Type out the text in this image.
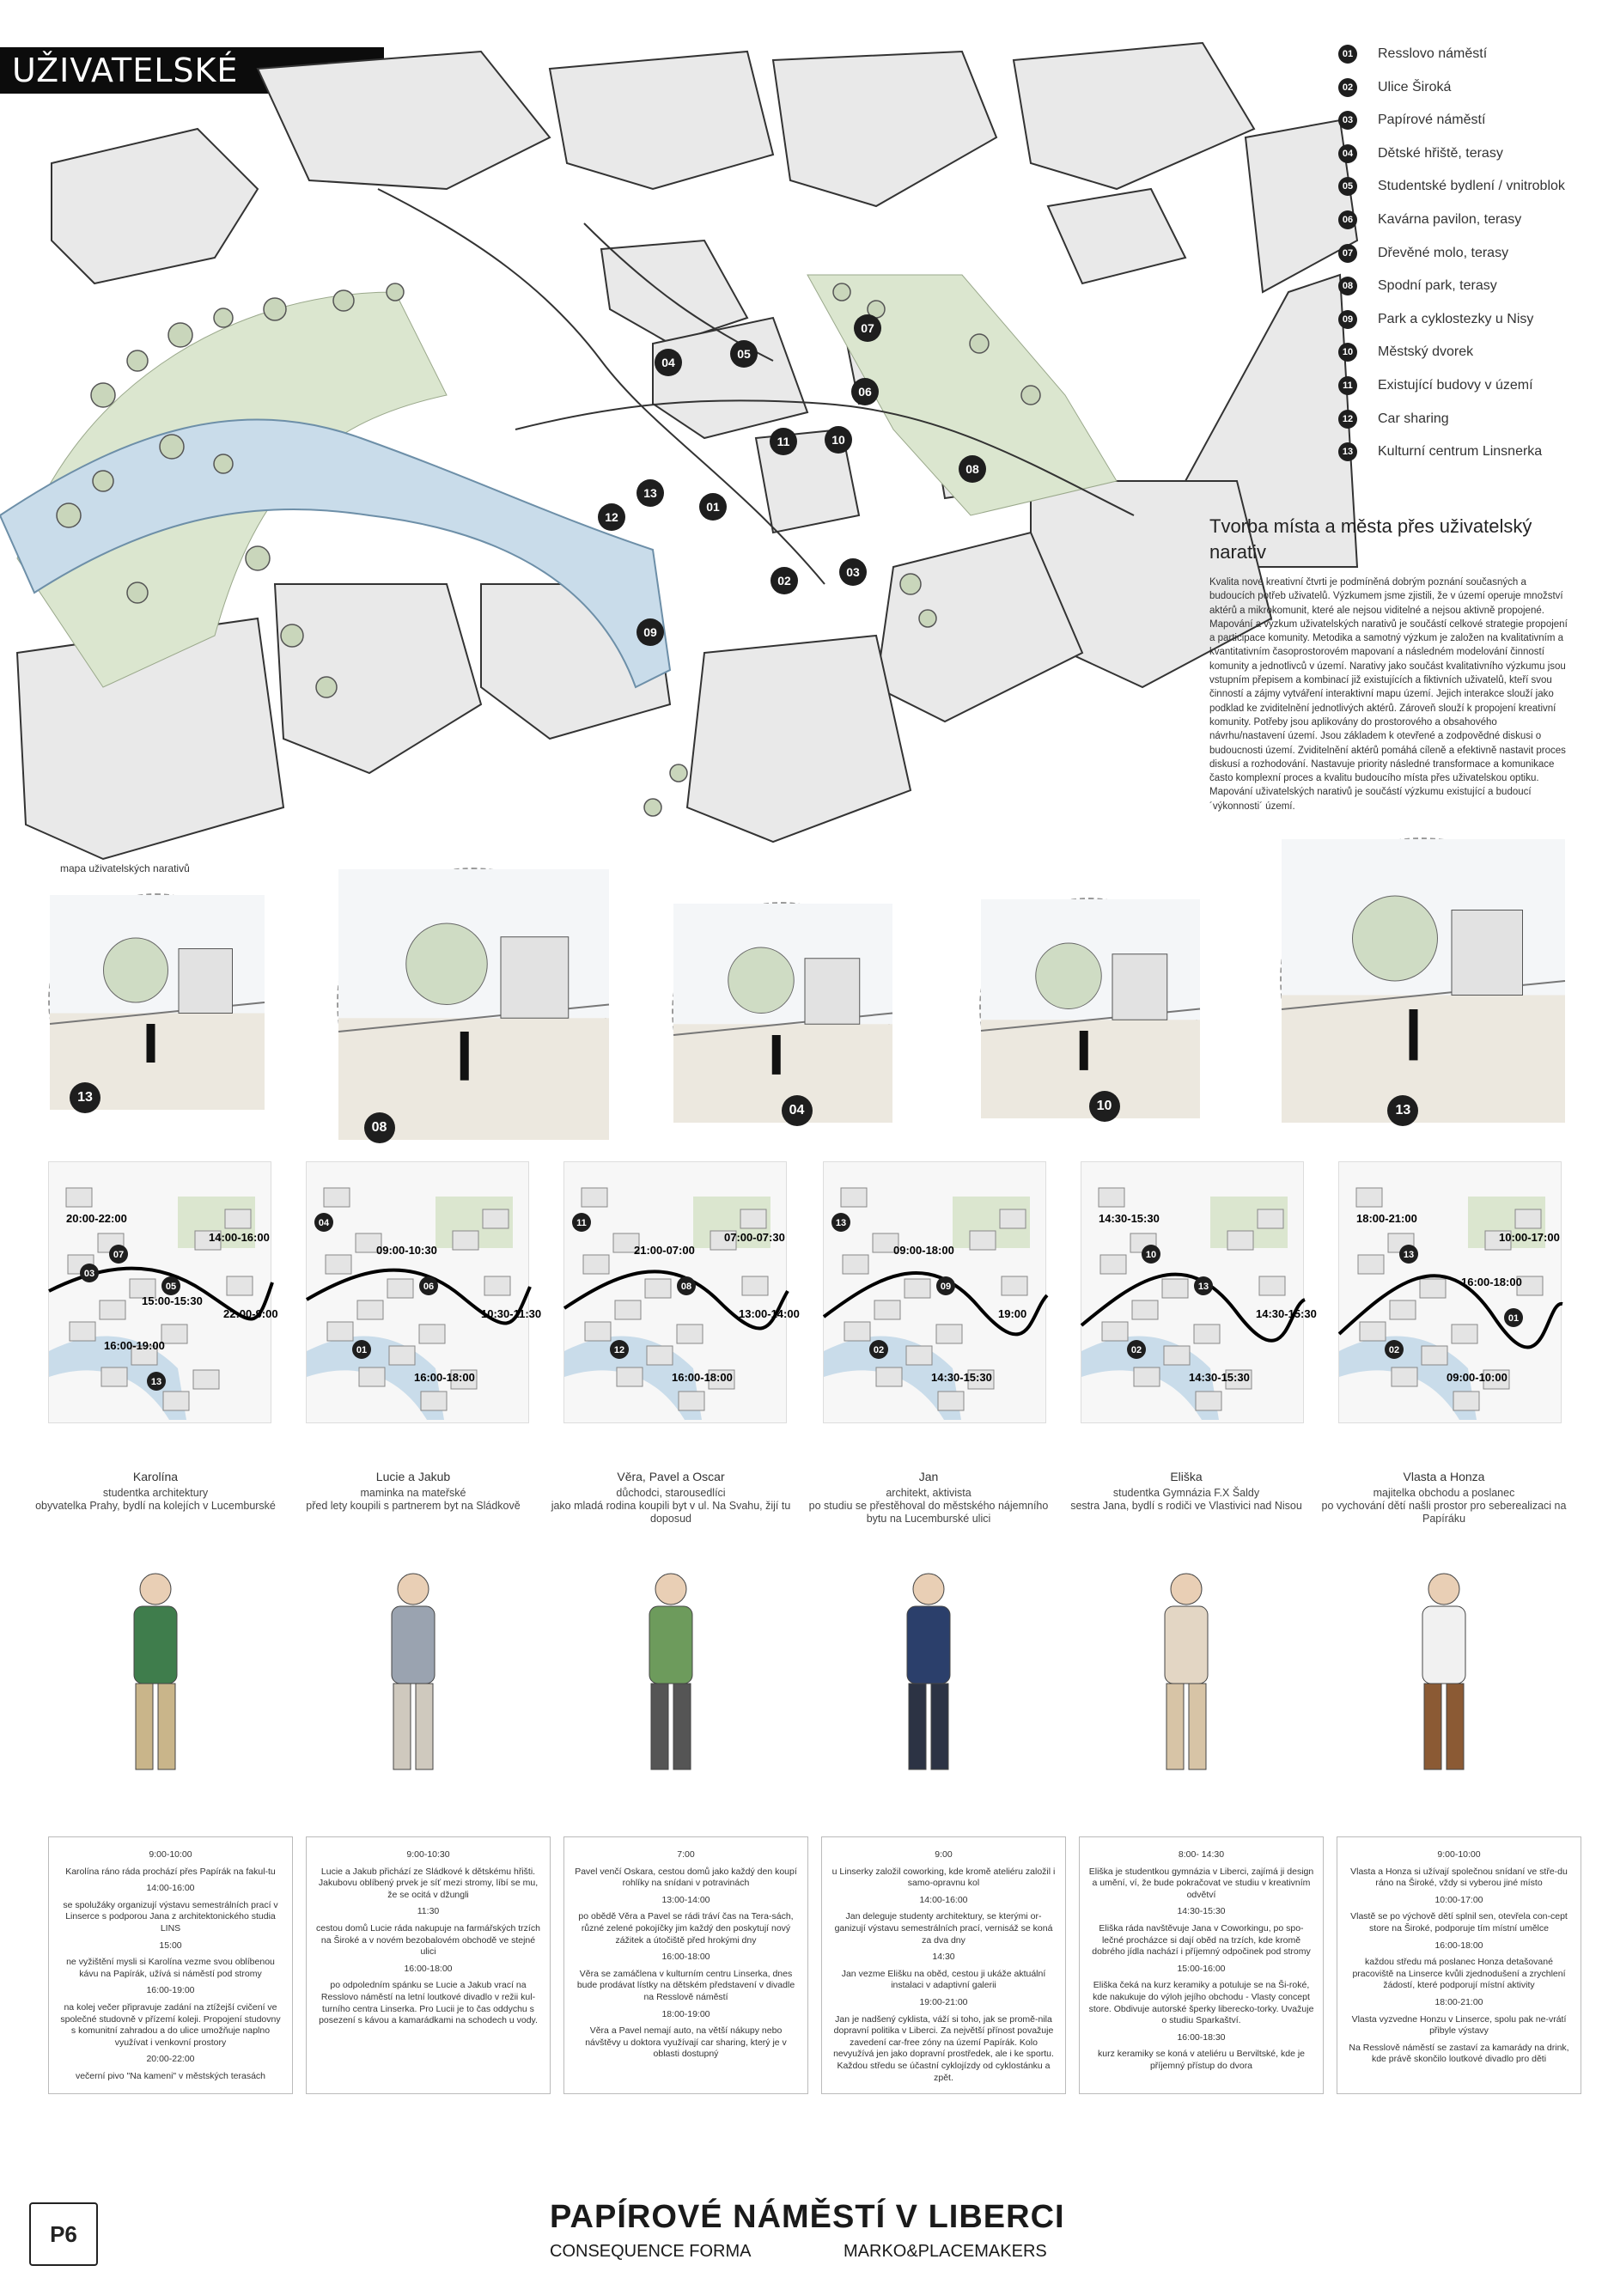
UŽIVATELSKÉ NARATIVY
04
05
07
06
11	10
08
13
12
01
03
02
09
01	Resslovo náměstí
02	Ulice Široká
03	Papírové náměstí
04	Dětské hřiště, terasy
05	Studentské bydlení / vnitroblok
06	Kavárna pavilon, terasy
07	Dřevěné molo, terasy
08	Spodní park, terasy
09	Park a cyklostezky u Nisy
10	Městský dvorek
11	Existující budovy v území
12	Car sharing
13	Kulturní centrum Linsnerka
Tvorba místa a města přes uživatelský narativ
Kvalita nové kreativní čtvrti je podmíněná dobrým poznání současných a budoucích potřeb uživatelů. Výzkumem jsme zjistili, že v území operuje množství aktérů a mikrokomunit, které ale nejsou viditelné a nejsou aktivně propojené. Mapování a výzkum uživatelských narativů je součástí celkové strategie propojení a participace komunity. Metodika a samotný výzkum je založen na kvalitativním a kvantitativním časoprostorovém mapovaní a následném modelování činností komunity a jednotlivců v území. Narativy jako součást kvalitativního výzkumu jsou vstupním přepisem a kombinací již existujících a fiktivních uživatelů, kteří svou činností a zájmy vytváření interaktivní mapu území. Jejich interakce slouží jako podklad ke zviditelnění jednotlivých aktérů. Zároveň slouží k propojení kreativní komunity. Potřeby jsou aplikovány do prostorového a obsahového návrhu/nastavení území. Jsou základem k otevřené a zodpovědné diskusi o budoucnosti území. Zviditelnění aktérů pomáhá cíleně a efektivně nastavit proces diskusí a rozhodování. Nastavuje priority následné transformace a komunikace často komplexní proces a kvalitu budoucího místa přes uživatelskou optiku. Mapování uživatelských narativů je součástí výzkumu existující a budoucí ´výkonnosti´ území.
mapa uživatelských narativů
13
08
04	10	13
20:00-22:00
07
05
22:00-9:00
16:00-19:00
13
14:00-16:00
03
15:00-15:30
04
09:00-10:30
06
10:30-11:30
01
16:00-18:00
11
21:00-07:00
08
13:00-14:00
12
16:00-18:00
07:00-07:30
13
09:00-18:00
09
19:00
02
14:30-15:30
14:30-15:30
10
13
14:30-15:30
02
14:30-15:30
18:00-21:00
13
16:00-18:00
01
02
09:00-10:00
10:00-17:00
Karolína
studentka architektury
obyvatelka Prahy, bydlí na kolejích v Lucemburské

9:00-10:00

Karolína ráno ráda prochází přes Papírák na fakul-tu

14:00-16:00

se spolužáky organizují výstavu semestrálních prací v Linserce s podporou Jana z architektonického studia LINS

15:00

ne vyžištění mysli si Karolína vezme svou oblíbenou kávu na Papírák, užívá si náměstí pod stromy

16:00-19:00

na kolej večer připravuje zadání na ztížejší cvičení ve společné studovně v přízemí koleji. Propojení studovny s komunitní zahradou a do ulice umožňuje naplno využívat i venkovní prostory

20:00-22:00

večerní pivo "Na kameni" v městských terasách

Lucie a Jakub
maminka na mateřské
před lety koupili s partnerem byt na Sládkově

9:00-10:30

Lucie a Jakub přichází ze Sládkové k dětskému hřišti. Jakubovu oblíbený prvek je síť mezi stromy, líbí se mu, že se ocitá v džungli

11:30

cestou domů Lucie ráda nakupuje na farmářských trzích na Široké a v novém bezobalovém obchodě ve stejné ulici

16:00-18:00

po odpoledním spánku se Lucie a Jakub vrací na Resslovo náměstí na letní loutkové divadlo v režii kul-turního centra Linserka. Pro Lucii je to čas oddychu s posezení s kávou a kamarádkami na schodech u vody.

Věra, Pavel a Oscar
důchodci, starousedlíci
jako mladá rodina koupili byt v ul. Na Svahu, žijí tu doposud

7:00

Pavel venčí Oskara, cestou domů jako každý den koupí rohlíky na snídani v potravinách

13:00-14:00

po obědě Věra a Pavel se rádi tráví čas na Tera-sách, různé zelené pokojíčky jim každý den poskytují nový zážitek a útočiště před hrokými dny

16:00-18:00

Věra se zamáčlena v kulturním centru Linserka, dnes bude prodávat lístky na dětském představení v divadle na Resslově náměstí

18:00-19:00

Věra a Pavel nemají auto, na větší nákupy nebo návštěvy u doktora využívají car sharing, který je v oblasti dostupný

Jan
architekt, aktivista
po studiu se přestěhoval do městského nájemního bytu na Lucemburské ulici

9:00

u Linserky založil coworking, kde kromě ateliéru založil i samo-opravnu kol

14:00-16:00

Jan deleguje studenty architektury, se kterými or-ganizují výstavu semestrálních prací, vernisáž se koná za dva dny

14:30

Jan vezme Elišku na oběd, cestou ji ukáže aktuální instalaci v adaptivní galerii

19:00-21:00

Jan je nadšený cyklista, váží si toho, jak se promě-nila dopravní politika v Liberci. Za největší přínost považuje zavedení car-free zóny na území Papírák. Kolo nevyužívá jen jako dopravní prostředek, ale i ke sportu. Každou středu se účastní cyklojízdy od cyklostánku a zpět.

Eliška
studentka Gymnázia F.X Šaldy
sestra Jana, bydlí s rodiči ve Vlastivici nad Nisou

8:00- 14:30

Eliška je studentkou gymnázia v Liberci, zajímá ji design a umění, ví, že bude pokračovat ve studiu v kreativním odvětví

14:30-15:30

Eliška ráda navštěvuje Jana v Coworkingu, po spo-lečné procházce si dají oběd na trzích, kde kromě dobrého jídla nachází i příjemný odpočinek pod stromy

15:00-16:00

Eliška čeká na kurz keramiky a potuluje se na Ši-roké, kde nakukuje do výloh jejího obchodu - Vlasty concept store. Obdivuje autorské šperky liberecko-torky. Uvažuje o studiu Sparkaštví.

16:00-18:30

kurz keramiky se koná v ateliéru u Berviltské, kde je příjemný přístup do dvora

Vlasta a Honza
majitelka obchodu a poslanec
po vychování dětí našli prostor pro seberealizaci na Papíráku

9:00-10:00

Vlasta a Honza si užívají společnou snídaní ve stře-du ráno na Široké, vždy si vyberou jiné místo

10:00-17:00

Vlastě se po výchově dětí splnil sen, otevřela con-cept store na Široké, podporuje tím místní umělce

16:00-18:00

každou středu má poslanec Honza detašované pracoviště na Linserce kvůli zjednodušení a zrychlení žádostí, které podporují místní aktivity

18:00-21:00

Vlasta vyzvedne Honzu v Linserce, spolu pak ne-vrátí přibyle výstavy

Na Resslově náměstí se zastaví za kamarády na drink, kde právě skončilo loutkové divadlo pro děti

P6	PAPÍROVÉ NÁMĚSTÍ V LIBERCI
CONSEQUENCE FORMA	MARKO&PLACEMAKERS
